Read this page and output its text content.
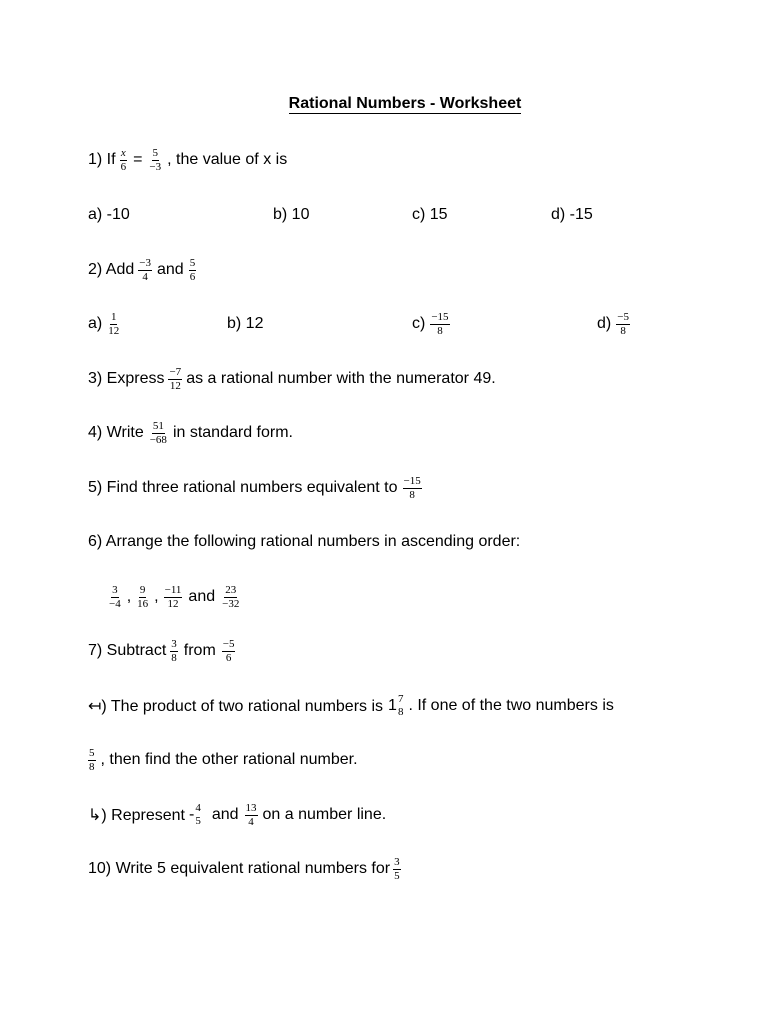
Rational Numbers - Worksheet
1) If $\frac{x}{6} = \frac{5}{-3}$ , the value of x is
a) -10	b) 10	c) 15	d) -15
2) Add $\frac{-3}{4}$ and $\frac{5}{6}$
$a) \frac{1}{12}$	b) 12	$c) \frac{-15}{8}$	$d) \frac{-5}{8}$
3) Express $\frac{-7}{12}$ as a rational number with the numerator 49.
4) Write $\frac{51}{-68}$ in standard form.
5) Find three rational numbers equivalent to $\frac{-15}{8}$
6) Arrange the following rational numbers in ascending order:
$\frac{3}{-4}$ , $\frac{9}{16}$ , $\frac{-11}{12}$ and $\frac{23}{-32}$
7) Subtract $\frac{3}{8}$ from $\frac{-5}{6}$
↤) The product of two rational numbers is 1 7
8 . If one of the two numbers is
$\frac{5}{8}$ , then find the other rational number.
↳) Represent - 4
5 and $\frac{13}{4}$ on a number line.
10) Write 5 equivalent rational numbers for $\frac{3}{5}$
